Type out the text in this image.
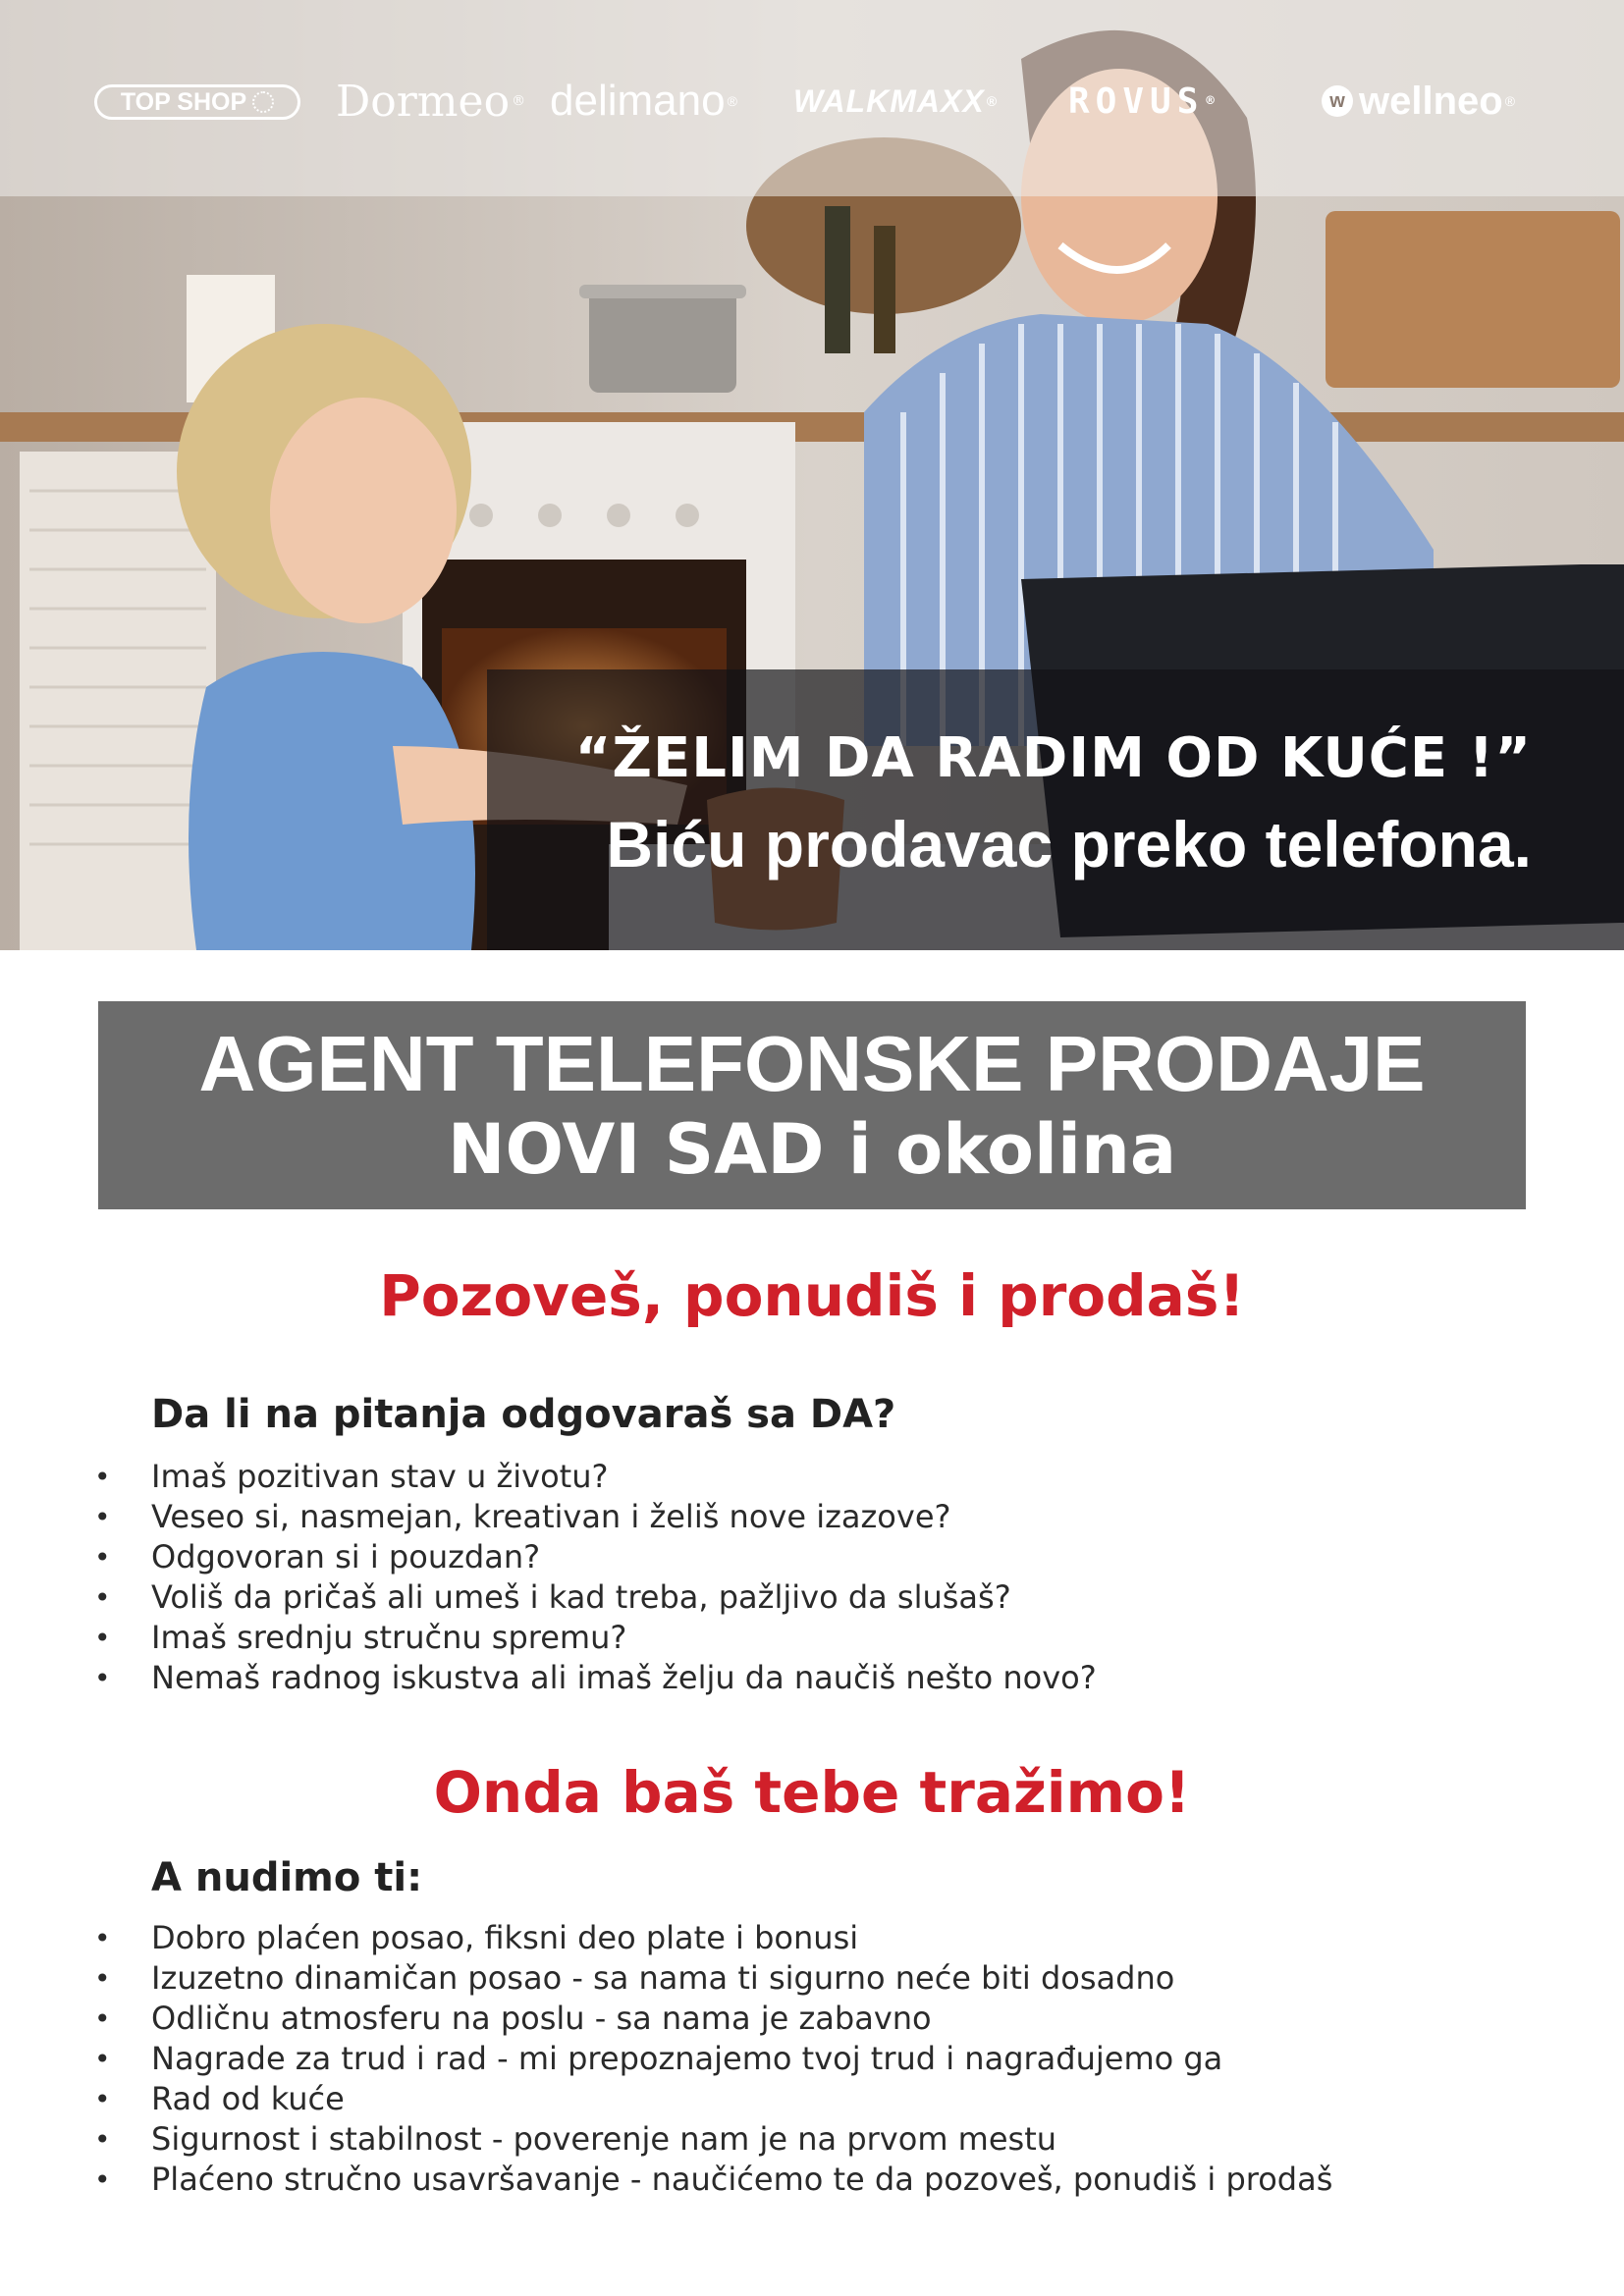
TOP SHOP Dormeo ® delimano ® WALKMAXX ® ROVUS ®	w wellneo ®
“ŽELIM DA RADIM OD KUĆE !”
Biću prodavac preko telefona.
AGENT TELEFONSKE PRODAJE
NOVI SAD i okolina
Pozoveš, ponudiš i prodaš!
Da li na pitanja odgovaraš sa DA?
• Imaš pozitivan stav u životu?
• Veseo si, nasmejan, kreativan i želiš nove izazove?
• Odgovoran si i pouzdan?
• Voliš da pričaš ali umeš i kad treba, pažljivo da slušaš?
• Imaš srednju stručnu spremu?
• Nemaš radnog iskustva ali imaš želju da naučiš nešto novo?
Onda baš tebe tražimo!
A nudimo ti:
• Dobro plaćen posao, fiksni deo plate i bonusi
• Izuzetno dinamičan posao - sa nama ti sigurno neće biti dosadno
• Odličnu atmosferu na poslu - sa nama je zabavno
• Nagrade za trud i rad - mi prepoznajemo tvoj trud i nagrađujemo ga
• Rad od kuće
• Sigurnost i stabilnost - poverenje nam je na prvom mestu
• Plaćeno stručno usavršavanje - naučićemo te da pozoveš, ponudiš i prodaš
